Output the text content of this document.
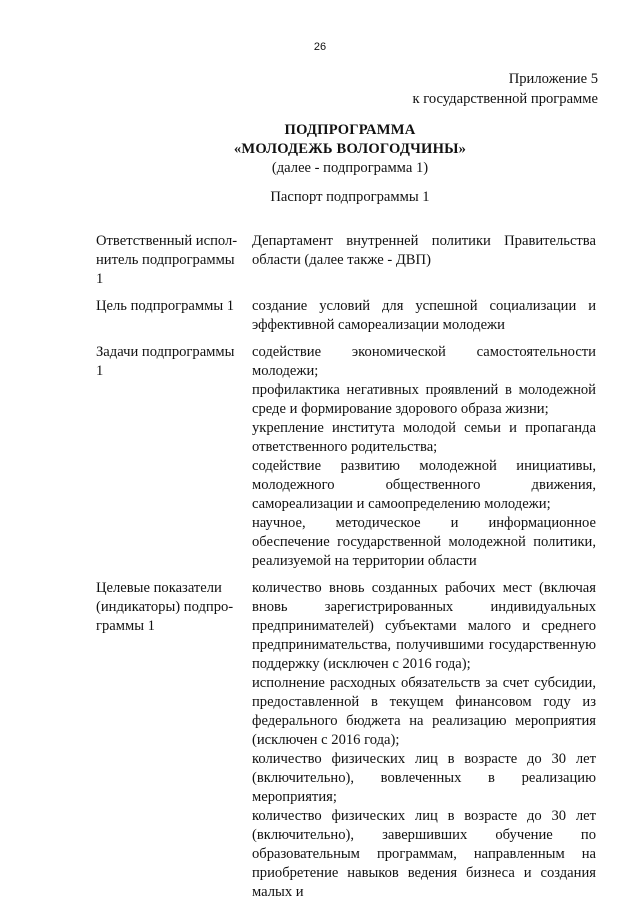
26
Приложение 5
к государственной программе
ПОДПРОГРАММА
«МОЛОДЕЖЬ ВОЛОГОДЧИНЫ»
(далее - подпрограмма 1)
Паспорт подпрограммы 1
Ответственный испол-
нитель подпрограммы
1
Департамент внутренней политики Правительства области (далее также - ДВП)
Цель подпрограммы 1	создание условий для успешной социализации и эффективной самореализации молодежи
Задачи подпрограммы
1
содействие экономической самостоятельности молодежи;
профилактика негативных проявлений в молодежной среде и формирование здорового образа жизни;
укрепление института молодой семьи и пропаганда ответственного родительства;
содействие развитию молодежной инициативы, молодежного общественного движения, самореализации и самоопределению молодежи;
научное, методическое и информационное обеспечение государственной молодежной политики, реализуемой на территории области
Целевые показатели
(индикаторы) подпро-
граммы 1
количество вновь созданных рабочих мест (включая вновь зарегистрированных индивидуальных предпринимателей) субъектами малого и среднего предпринимательства, получившими государственную поддержку (исключен с 2016 года);
исполнение расходных обязательств за счет субсидии, предоставленной в текущем финансовом году из федерального бюджета на реализацию мероприятия (исключен с 2016 года);
количество физических лиц в возрасте до 30 лет (включительно), вовлеченных в реализацию мероприятия;
количество физических лиц в возрасте до 30 лет (включительно), завершивших обучение по образовательным программам, направленным на приобретение навыков ведения бизнеса и создания малых и
